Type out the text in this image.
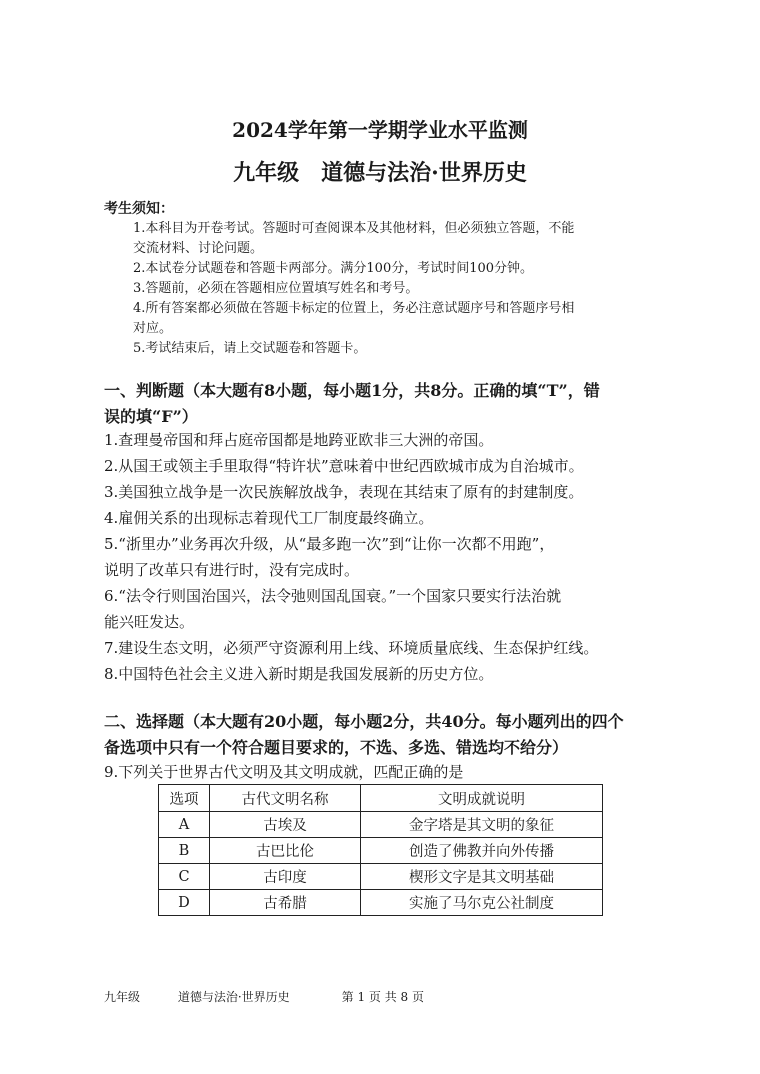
2024学年第一学期学业水平监测
九年级　道德与法治·世界历史
考生须知：

1.本科目为开卷考试。答题时可查阅课本及其他材料，但必须独立答题，不能

交流材料、讨论问题。

2.本试卷分试题卷和答题卡两部分。满分100分，考试时间100分钟。

3.答题前，必须在答题相应位置填写姓名和考号。

4.所有答案都必须做在答题卡标定的位置上，务必注意试题序号和答题序号相

对应。

5.考试结束后，请上交试题卷和答题卡。

一、判断题（本大题有8小题，每小题1分，共8分。正确的填“T”，错
误的填“F”）

1.查理曼帝国和拜占庭帝国都是地跨亚欧非三大洲的帝国。

2.从国王或领主手里取得“特许状”意味着中世纪西欧城市成为自治城市。

3.美国独立战争是一次民族解放战争，表现在其结束了原有的封建制度。

4.雇佣关系的出现标志着现代工厂制度最终确立。

5.“浙里办”业务再次升级，从“最多跑一次”到“让你一次都不用跑”，

说明了改革只有进行时，没有完成时。

6.“法令行则国治国兴，法令弛则国乱国衰。”一个国家只要实行法治就

能兴旺发达。

7.建设生态文明，必须严守资源利用上线、环境质量底线、生态保护红线。

8.中国特色社会主义进入新时期是我国发展新的历史方位。

二、选择题（本大题有20小题，每小题2分，共40分。每小题列出的四个
备选项中只有一个符合题目要求的，不选、多选、错选均不给分）
9.下列关于世界古代文明及其文明成就，匹配正确的是
选项	古代文明名称	文明成就说明
A	古埃及	金字塔是其文明的象征
B	古巴比伦	创造了佛教并向外传播
C	古印度	楔形文字是其文明基础
D	古希腊	实施了马尔克公社制度
九年级	道德与法治·世界历史	第 1 页 共 8 页
